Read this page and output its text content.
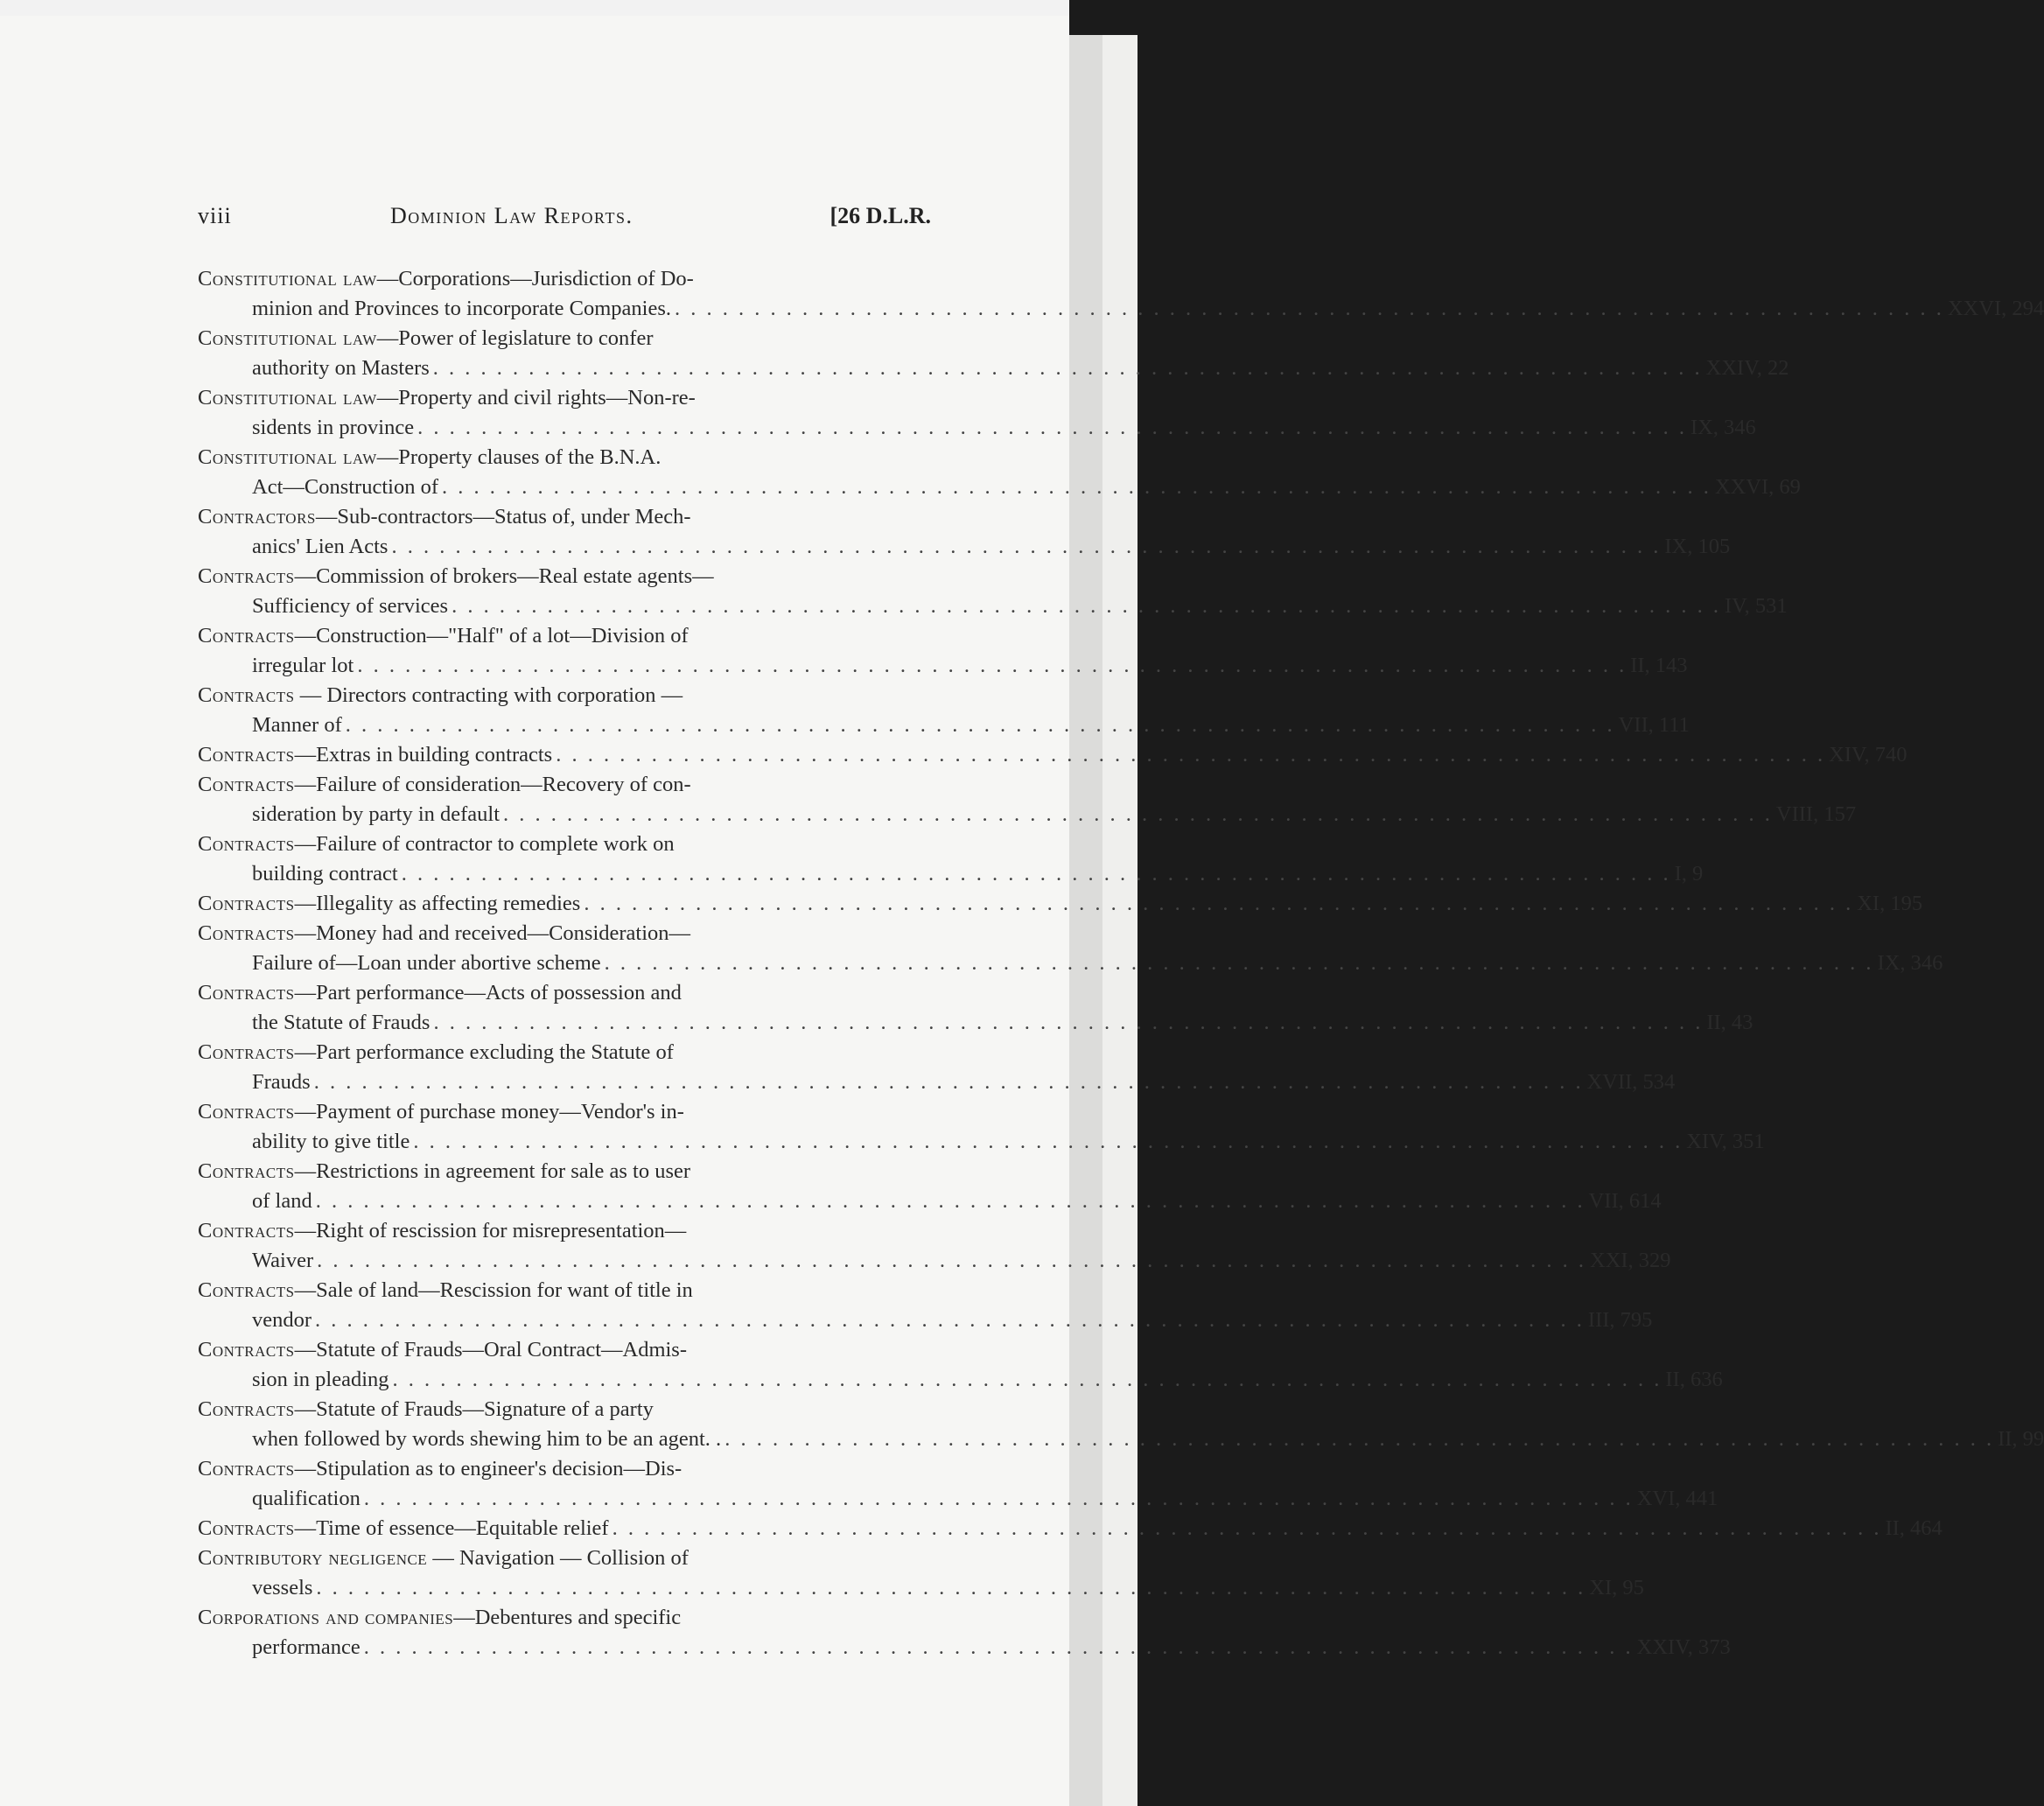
viii	Dominion Law Reports.	[26 D.L.R.
Constitutional law—Corporations—Jurisdiction of Do-
minion and Provinces to incorporate Companies. . . . . . . . . . . . . . . . . . . . . . . . . . . . . . . . . . . . . . . . . . . . . . . . . . . . . . . . . . . . . . . . . . . . . . . . . . . . . . . . . XXVI, 294
Constitutional law—Power of legislature to confer
authority on Masters . . . . . . . . . . . . . . . . . . . . . . . . . . . . . . . . . . . . . . . . . . . . . . . . . . . . . . . . . . . . . . . . . . . . . . . . . . . . . . . . XXIV, 22
Constitutional law—Property and civil rights—Non-re-
sidents in province . . . . . . . . . . . . . . . . . . . . . . . . . . . . . . . . . . . . . . . . . . . . . . . . . . . . . . . . . . . . . . . . . . . . . . . . . . . . . . . . IX, 346
Constitutional law—Property clauses of the B.N.A.
Act—Construction of . . . . . . . . . . . . . . . . . . . . . . . . . . . . . . . . . . . . . . . . . . . . . . . . . . . . . . . . . . . . . . . . . . . . . . . . . . . . . . . . XXVI, 69
Contractors—Sub-contractors—Status of, under Mech-
anics' Lien Acts . . . . . . . . . . . . . . . . . . . . . . . . . . . . . . . . . . . . . . . . . . . . . . . . . . . . . . . . . . . . . . . . . . . . . . . . . . . . . . . . IX, 105
Contracts—Commission of brokers—Real estate agents—
Sufficiency of services . . . . . . . . . . . . . . . . . . . . . . . . . . . . . . . . . . . . . . . . . . . . . . . . . . . . . . . . . . . . . . . . . . . . . . . . . . . . . . . . IV, 531
Contracts—Construction—"Half" of a lot—Division of
irregular lot . . . . . . . . . . . . . . . . . . . . . . . . . . . . . . . . . . . . . . . . . . . . . . . . . . . . . . . . . . . . . . . . . . . . . . . . . . . . . . . . II, 143
Contracts — Directors contracting with corporation —
Manner of . . . . . . . . . . . . . . . . . . . . . . . . . . . . . . . . . . . . . . . . . . . . . . . . . . . . . . . . . . . . . . . . . . . . . . . . . . . . . . . . VII, 111
Contracts—Extras in building contracts . . . . . . . . . . . . . . . . . . . . . . . . . . . . . . . . . . . . . . . . . . . . . . . . . . . . . . . . . . . . . . . . . . . . . . . . . . . . . . . . XIV, 740
Contracts—Failure of consideration—Recovery of con-
sideration by party in default . . . . . . . . . . . . . . . . . . . . . . . . . . . . . . . . . . . . . . . . . . . . . . . . . . . . . . . . . . . . . . . . . . . . . . . . . . . . . . . . VIII, 157
Contracts—Failure of contractor to complete work on
building contract . . . . . . . . . . . . . . . . . . . . . . . . . . . . . . . . . . . . . . . . . . . . . . . . . . . . . . . . . . . . . . . . . . . . . . . . . . . . . . . . I, 9
Contracts—Illegality as affecting remedies . . . . . . . . . . . . . . . . . . . . . . . . . . . . . . . . . . . . . . . . . . . . . . . . . . . . . . . . . . . . . . . . . . . . . . . . . . . . . . . . XI, 195
Contracts—Money had and received—Consideration—
Failure of—Loan under abortive scheme . . . . . . . . . . . . . . . . . . . . . . . . . . . . . . . . . . . . . . . . . . . . . . . . . . . . . . . . . . . . . . . . . . . . . . . . . . . . . . . . IX, 346
Contracts—Part performance—Acts of possession and
the Statute of Frauds . . . . . . . . . . . . . . . . . . . . . . . . . . . . . . . . . . . . . . . . . . . . . . . . . . . . . . . . . . . . . . . . . . . . . . . . . . . . . . . . II, 43
Contracts—Part performance excluding the Statute of
Frauds . . . . . . . . . . . . . . . . . . . . . . . . . . . . . . . . . . . . . . . . . . . . . . . . . . . . . . . . . . . . . . . . . . . . . . . . . . . . . . . . XVII, 534
Contracts—Payment of purchase money—Vendor's in-
ability to give title . . . . . . . . . . . . . . . . . . . . . . . . . . . . . . . . . . . . . . . . . . . . . . . . . . . . . . . . . . . . . . . . . . . . . . . . . . . . . . . . XIV, 351
Contracts—Restrictions in agreement for sale as to user
of land . . . . . . . . . . . . . . . . . . . . . . . . . . . . . . . . . . . . . . . . . . . . . . . . . . . . . . . . . . . . . . . . . . . . . . . . . . . . . . . . VII, 614
Contracts—Right of rescission for misrepresentation—
Waiver . . . . . . . . . . . . . . . . . . . . . . . . . . . . . . . . . . . . . . . . . . . . . . . . . . . . . . . . . . . . . . . . . . . . . . . . . . . . . . . . XXI, 329
Contracts—Sale of land—Rescission for want of title in
vendor . . . . . . . . . . . . . . . . . . . . . . . . . . . . . . . . . . . . . . . . . . . . . . . . . . . . . . . . . . . . . . . . . . . . . . . . . . . . . . . . III, 795
Contracts—Statute of Frauds—Oral Contract—Admis-
sion in pleading . . . . . . . . . . . . . . . . . . . . . . . . . . . . . . . . . . . . . . . . . . . . . . . . . . . . . . . . . . . . . . . . . . . . . . . . . . . . . . . . II, 636
Contracts—Statute of Frauds—Signature of a party
when followed by words shewing him to be an agent. . . . . . . . . . . . . . . . . . . . . . . . . . . . . . . . . . . . . . . . . . . . . . . . . . . . . . . . . . . . . . . . . . . . . . . . . . . . . . . . . . II, 99
Contracts—Stipulation as to engineer's decision—Dis-
qualification . . . . . . . . . . . . . . . . . . . . . . . . . . . . . . . . . . . . . . . . . . . . . . . . . . . . . . . . . . . . . . . . . . . . . . . . . . . . . . . . XVI, 441
Contracts—Time of essence—Equitable relief . . . . . . . . . . . . . . . . . . . . . . . . . . . . . . . . . . . . . . . . . . . . . . . . . . . . . . . . . . . . . . . . . . . . . . . . . . . . . . . . II, 464
Contributory negligence — Navigation — Collision of
vessels . . . . . . . . . . . . . . . . . . . . . . . . . . . . . . . . . . . . . . . . . . . . . . . . . . . . . . . . . . . . . . . . . . . . . . . . . . . . . . . . XI, 95
Corporations and companies—Debentures and specific
performance . . . . . . . . . . . . . . . . . . . . . . . . . . . . . . . . . . . . . . . . . . . . . . . . . . . . . . . . . . . . . . . . . . . . . . . . . . . . . . . . XXIV, 373
